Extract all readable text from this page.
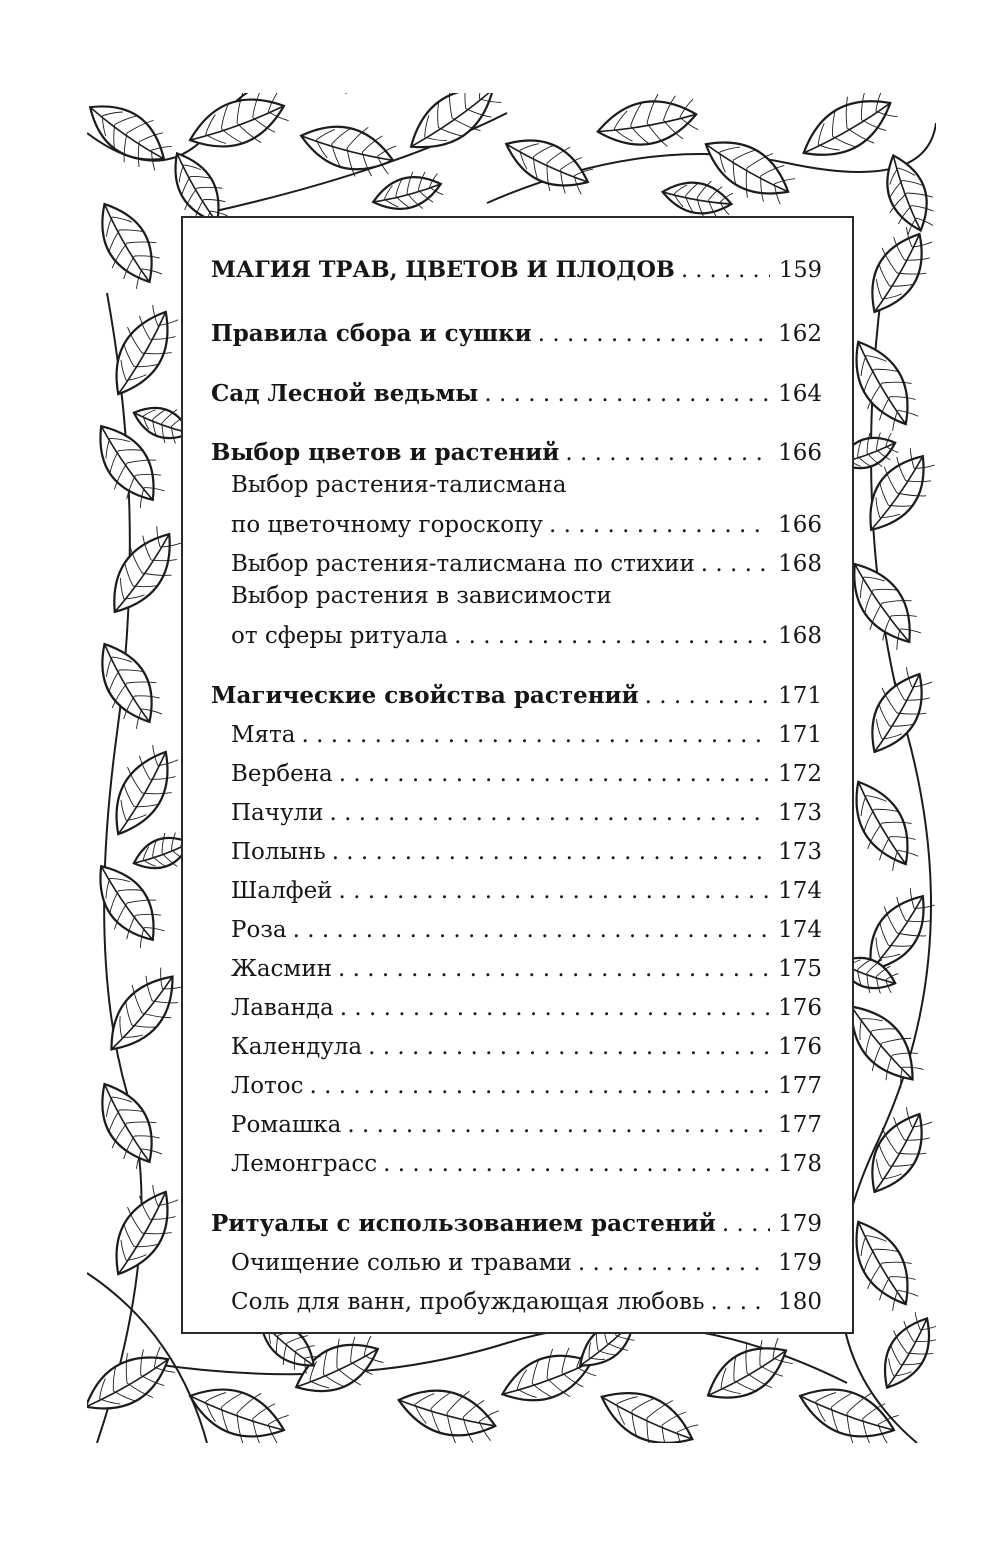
МАГИЯ ТРАВ, ЦВЕТОВ И ПЛОДОВ . . .	159
Правила сбора и сушки . . .	162
Сад Лесной ведьмы . . .	164
Выбор цветов и растений . . .	166
Выбор растения-талисмана
по цветочному гороскопу . . .	166
Выбор растения-талисмана по стихии . . .	168
Выбор растения в зависимости
от сферы ритуала . . .	168
Магические свойства растений . . .	171
Мята . . .	171
Вербена . . .	172
Пачули . . .	173
Полынь . . .	173
Шалфей . . .	174
Роза . . .	174
Жасмин . . .	175
Лаванда . . .	176
Календула . . .	176
Лотос . . .	177
Ромашка . . .	177
Лемонграсс . . .	178
Ритуалы с использованием растений . . .	179
Очищение солью и травами . . .	179
Соль для ванн, пробуждающая любовь . . .	180
